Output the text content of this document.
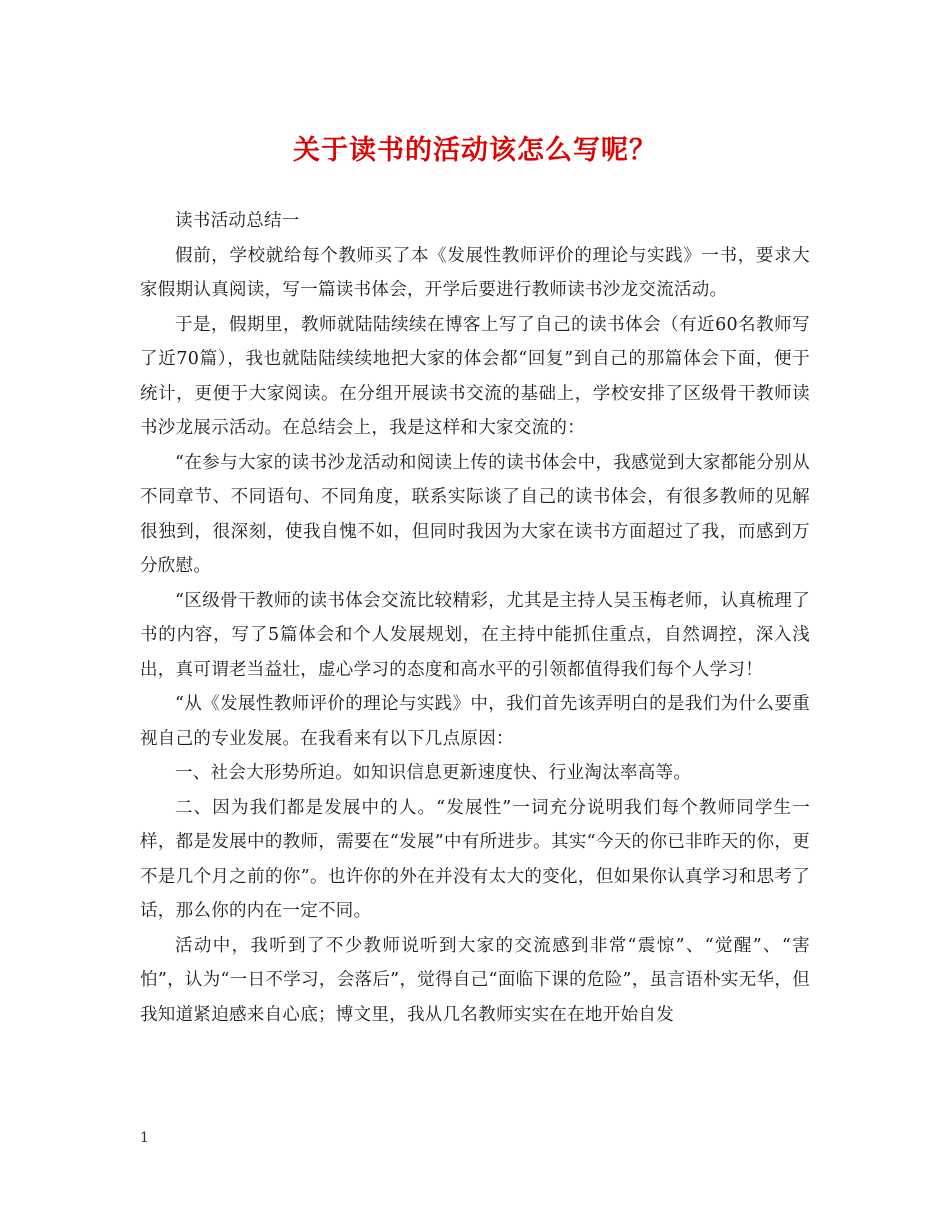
关于读书的活动该怎么写呢？

读书活动总结一

假前，学校就给每个教师买了本《发展性教师评价的理论与实践》一书，要求大家假期认真阅读，写一篇读书体会，开学后要进行教师读书沙龙交流活动。

于是，假期里，教师就陆陆续续在博客上写了自己的读书体会（有近60名教师写了近70篇），我也就陆陆续续地把大家的体会都“回复”到自己的那篇体会下面，便于统计，更便于大家阅读。在分组开展读书交流的基础上，学校安排了区级骨干教师读书沙龙展示活动。在总结会上，我是这样和大家交流的：

“在参与大家的读书沙龙活动和阅读上传的读书体会中，我感觉到大家都能分别从不同章节、不同语句、不同角度，联系实际谈了自己的读书体会，有很多教师的见解很独到，很深刻，使我自愧不如，但同时我因为大家在读书方面超过了我，而感到万分欣慰。

“区级骨干教师的读书体会交流比较精彩，尤其是主持人吴玉梅老师，认真梳理了书的内容，写了5篇体会和个人发展规划，在主持中能抓住重点，自然调控，深入浅出，真可谓老当益壮，虚心学习的态度和高水平的引领都值得我们每个人学习！

“从《发展性教师评价的理论与实践》中，我们首先该弄明白的是我们为什么要重视自己的专业发展。在我看来有以下几点原因：

一、社会大形势所迫。如知识信息更新速度快、行业淘汰率高等。

二、因为我们都是发展中的人。“发展性”一词充分说明我们每个教师同学生一样，都是发展中的教师，需要在“发展”中有所进步。其实“今天的你已非昨天的你，更不是几个月之前的你”。也许你的外在并没有太大的变化，但如果你认真学习和思考了话，那么你的内在一定不同。

活动中，我听到了不少教师说听到大家的交流感到非常“震惊”、“觉醒”、“害怕”，认为“一日不学习，会落后”，觉得自己“面临下课的危险”，虽言语朴实无华，但我知道紧迫感来自心底；博文里，我从几名教师实实在在地开始自发

1
